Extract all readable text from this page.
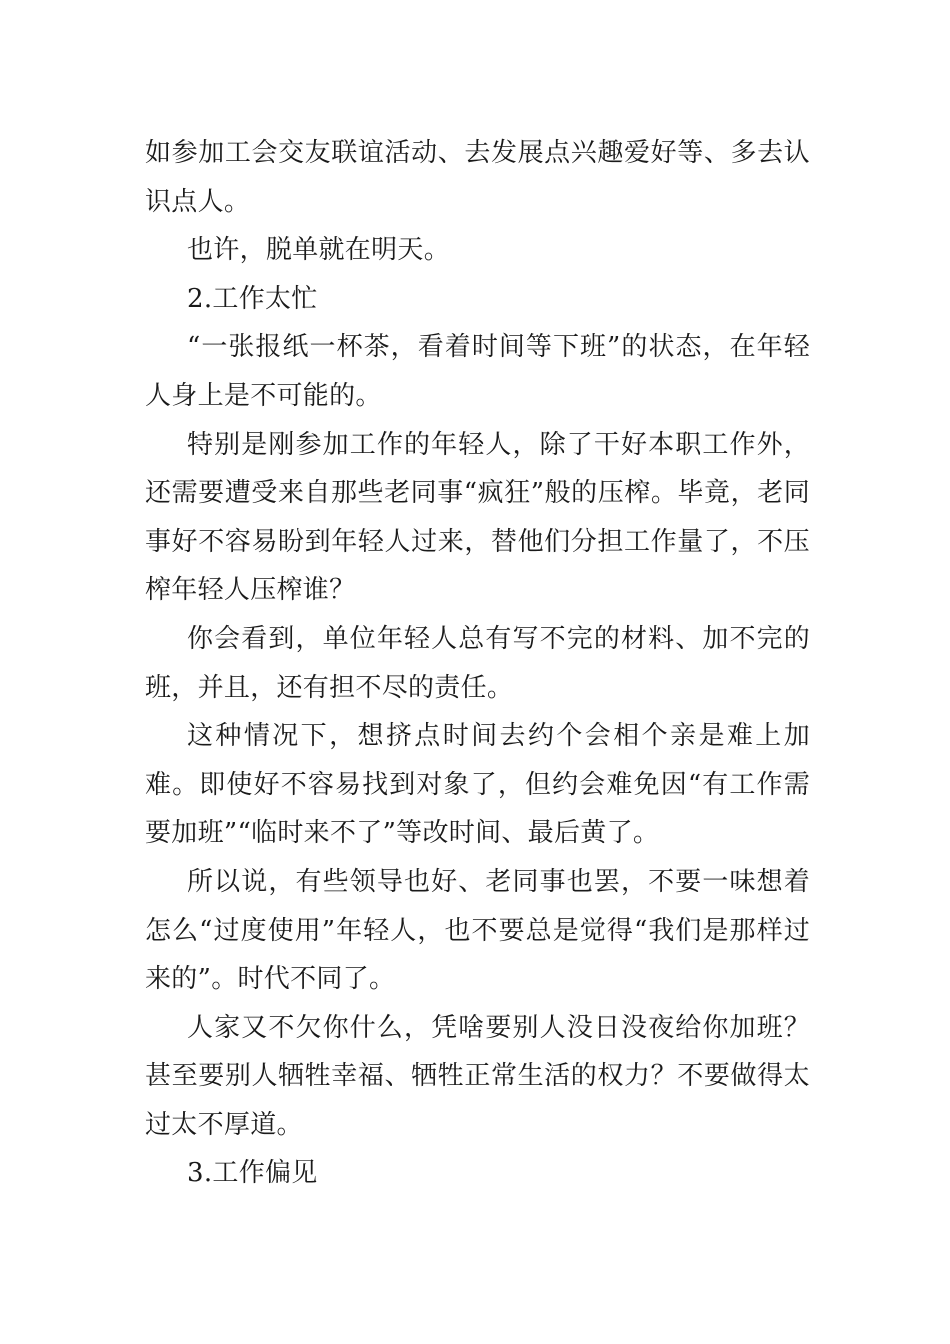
如参加工会交友联谊活动、去发展点兴趣爱好等、多去认识点人。

也许，脱单就在明天。

2.工作太忙

“一张报纸一杯茶，看着时间等下班”的状态，在年轻人身上是不可能的。

特别是刚参加工作的年轻人，除了干好本职工作外，还需要遭受来自那些老同事“疯狂”般的压榨。毕竟，老同事好不容易盼到年轻人过来，替他们分担工作量了，不压榨年轻人压榨谁？

你会看到，单位年轻人总有写不完的材料、加不完的班，并且，还有担不尽的责任。

这种情况下，想挤点时间去约个会相个亲是难上加难。即使好不容易找到对象了，但约会难免因“有工作需要加班”“临时来不了”等改时间、最后黄了。

所以说，有些领导也好、老同事也罢，不要一味想着怎么“过度使用”年轻人，也不要总是觉得“我们是那样过来的”。时代不同了。

人家又不欠你什么，凭啥要别人没日没夜给你加班？甚至要别人牺牲幸福、牺牲正常生活的权力？不要做得太过太不厚道。

3.工作偏见
